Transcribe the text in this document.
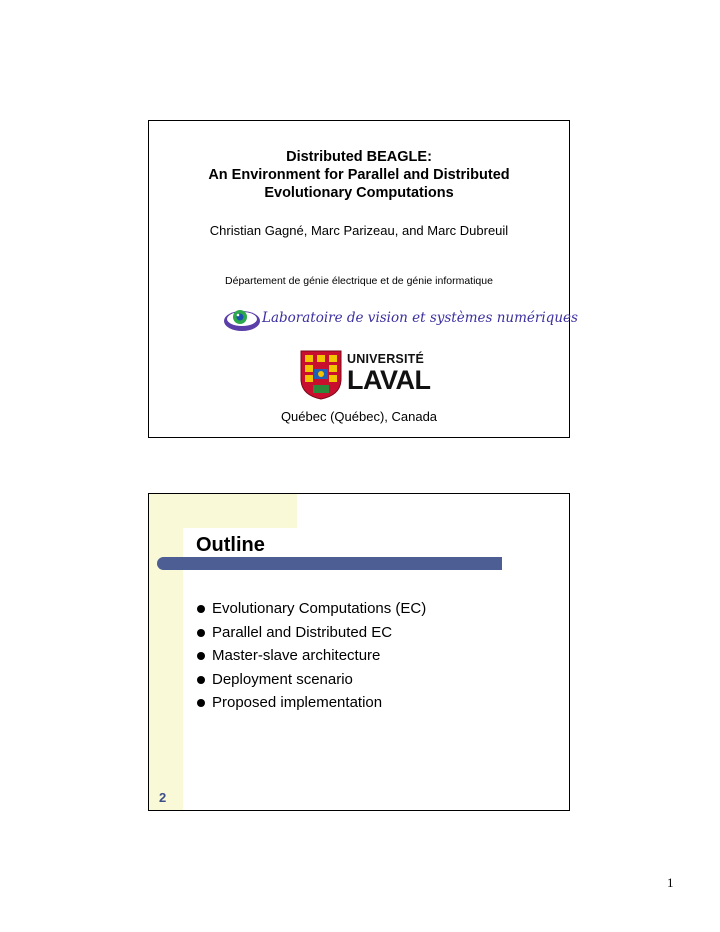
Distributed BEAGLE:
An Environment for Parallel and Distributed
Evolutionary Computations
Christian Gagné, Marc Parizeau, and Marc Dubreuil
Département de génie électrique et de génie informatique
Laboratoire de vision et systèmes numériques
UNIVERSITÉ
LAVAL
Québec (Québec), Canada
Outline
Evolutionary Computations (EC)
Parallel and Distributed EC
Master-slave architecture
Deployment scenario
Proposed implementation
2
1
